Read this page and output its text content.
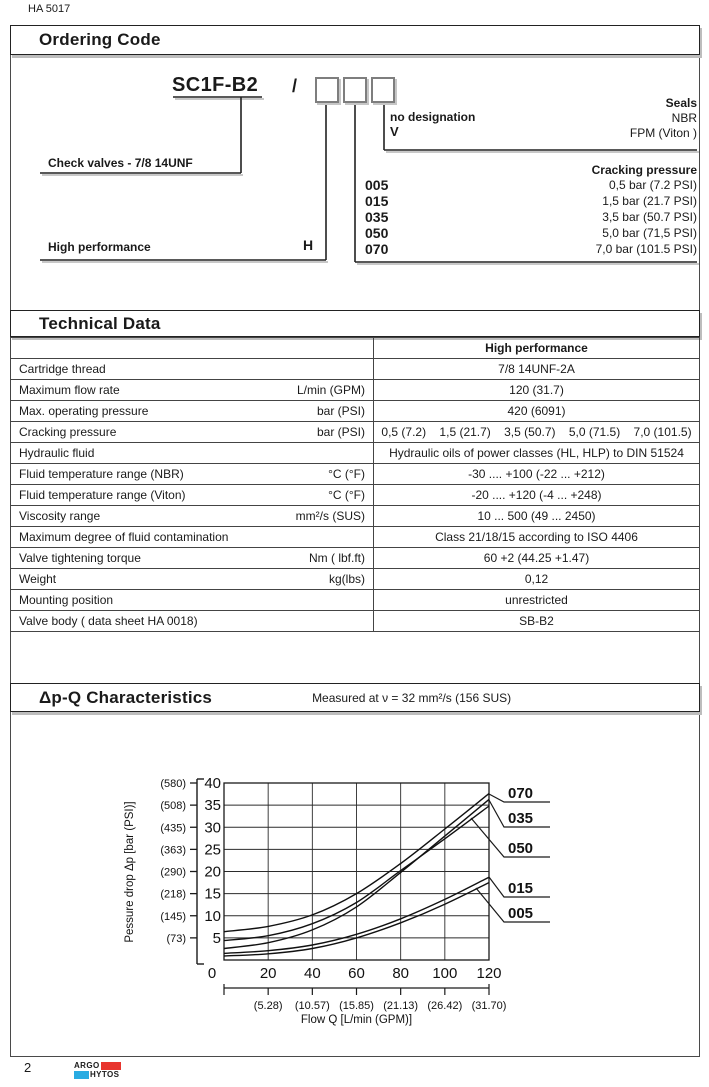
HA 5017
Ordering Code
Technical Data
Δp-Q Characteristics	Measured at ν = 32 mm²/s (156 SUS)
SC1F-B2 /
Seals
no designation	NBR
V	FPM (Viton )
Cracking pressure
005	0,5 bar (7.2 PSI)
015	1,5 bar (21.7 PSI)
035	3,5 bar (50.7 PSI)
050	5,0 bar (71,5 PSI)
070	7,0 bar (101.5 PSI)
Check valves - 7/8 14UNF
High performance	H
	High performance

Cartridge thread	7/8 14UNF-2A

Maximum flow rate L/min (GPM)	120 (31.7)

Max. operating pressure bar (PSI)	420 (6091)

Cracking pressure bar (PSI)	0,5 (7.2)    1,5 (21.7)    3,5 (50.7)    5,0 (71.5)    7,0 (101.5)

Hydraulic fluid	Hydraulic oils of power classes (HL, HLP) to DIN 51524

Fluid temperature range (NBR) °C (°F)	-30 .... +100 (-22 ... +212)

Fluid temperature range (Viton) °C (°F)	-20 .... +120 (-4 ... +248)

Viscosity range mm²/s (SUS)	10 ... 500 (49 ... 2450)

Maximum degree of fluid contamination	Class 21/18/15 according to ISO 4406

Valve tightening torque Nm ( lbf.ft)	60 +2 (44.25 +1.47)

Weight kg(lbs)	0,12

Mounting position	unrestricted

Valve body ( data sheet HA 0018)	SB-B2
5
(73)
10
(145)
15
(218)
20
(290)
25
(363)
30
(435)
35
(508)
40
(580)
0	20 40 60 80 100 120
(5.28) (10.57) (15.85) (21.13) (26.42) (31.70)
Flow Q [L/min (GPM)]
Pessure drop Δp [bar (PSI)]
070
035
050
015
005
2	ARGO
HYTOS
